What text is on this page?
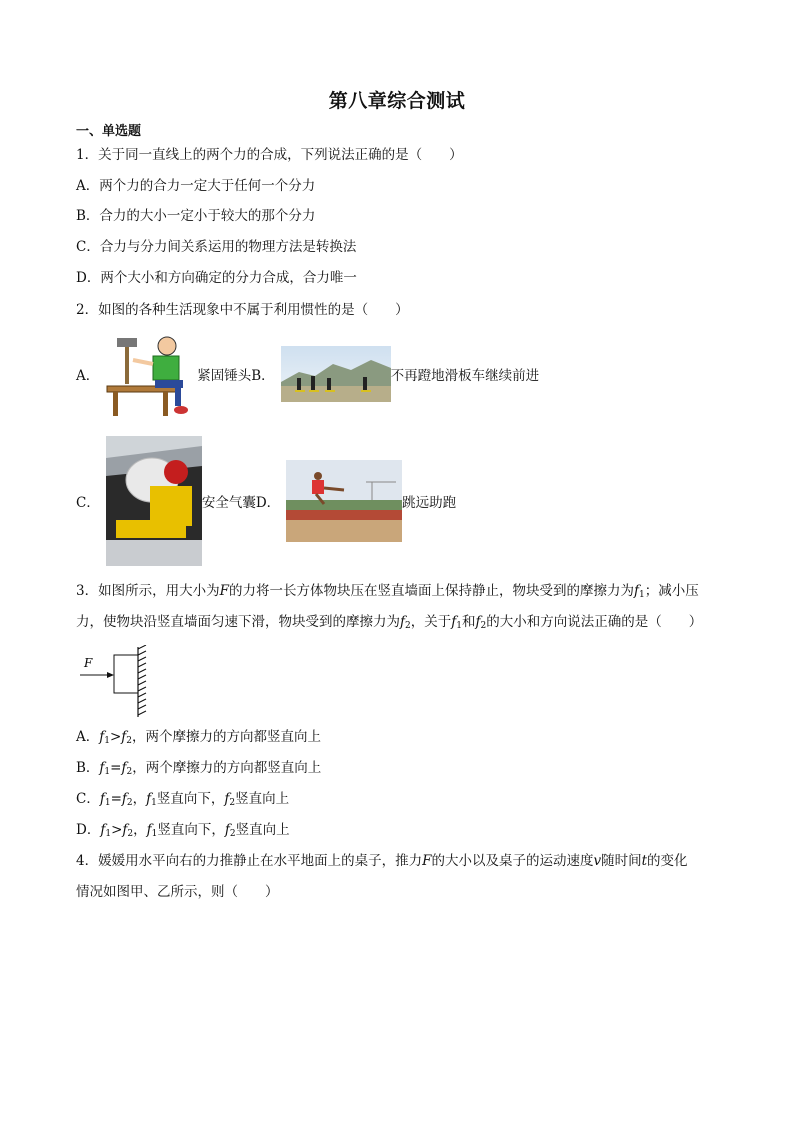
第八章综合测试
一、单选题
1．关于同一直线上的两个力的合成，下列说法正确的是（　　）
A．两个力的合力一定大于任何一个分力
B．合力的大小一定小于较大的那个分力
C．合力与分力间关系运用的物理方法是转换法
D．两个大小和方向确定的分力合成，合力唯一
2．如图的各种生活现象中不属于利用惯性的是（　　）
A．	紧固锤头 B．	不再蹬地滑板车继续前进
C．	安全气囊 D．	跳远助跑
3．如图所示，用大小为F的力将一长方体物块压在竖直墙面上保持静止，物块受到的摩擦力为$f_1$；减小压
力，使物块沿竖直墙面匀速下滑，物块受到的摩擦力为$f_2$，关于$f_1$和$f_2$的大小和方向说法正确的是（　　）
F
A．$f_1>f_2$，两个摩擦力的方向都竖直向上
B．$f_1=f_2$，两个摩擦力的方向都竖直向上
C．$f_1=f_2$，$f_1$竖直向下，$f_2$竖直向上
D．$f_1>f_2$，$f_1$竖直向下，$f_2$竖直向上
4．媛媛用水平向右的力推静止在水平地面上的桌子，推力F的大小以及桌子的运动速度v随时间t的变化
情况如图甲、乙所示，则（　　）
